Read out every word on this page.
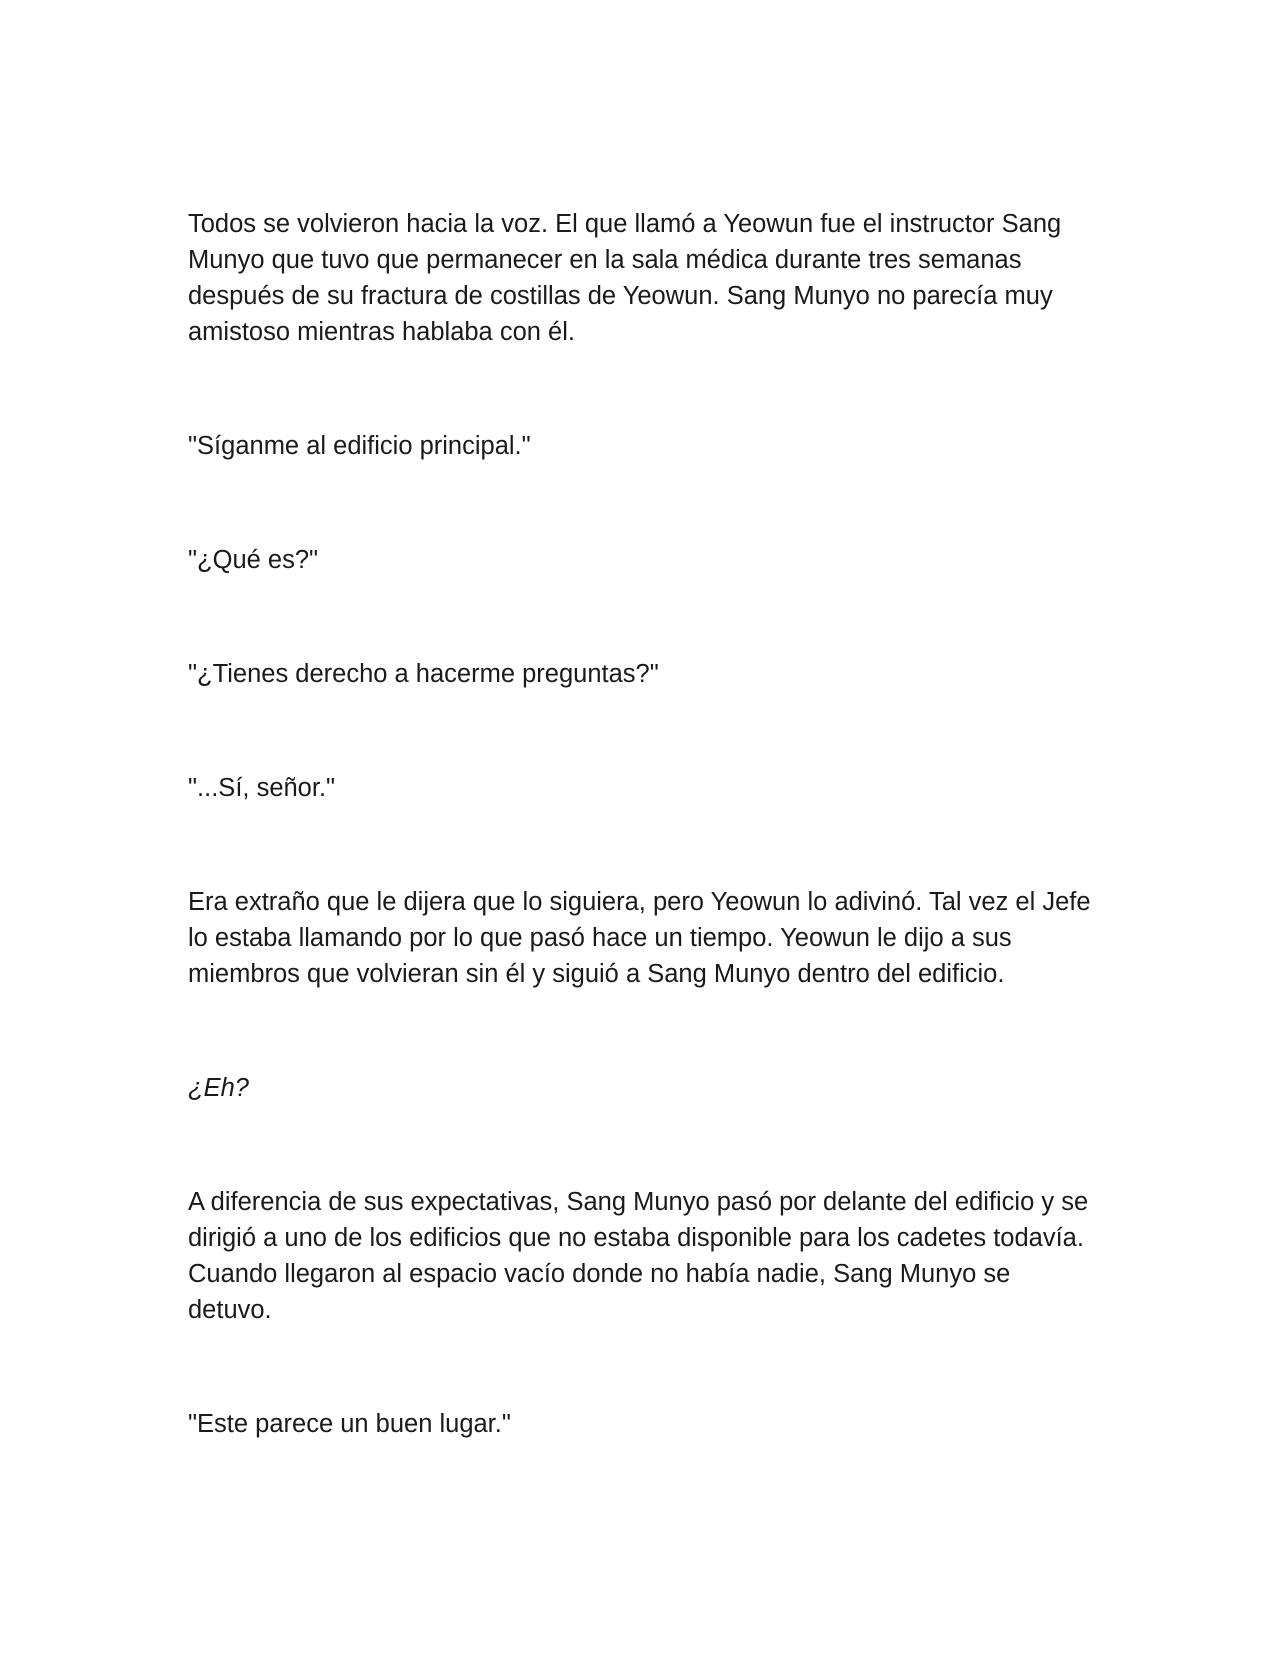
Todos se volvieron hacia la voz. El que llamó a Yeowun fue el instructor Sang Munyo que tuvo que permanecer en la sala médica durante tres semanas después de su fractura de costillas de Yeowun. Sang Munyo no parecía muy amistoso mientras hablaba con él.

"Síganme al edificio principal."

"¿Qué es?"

"¿Tienes derecho a hacerme preguntas?"

"...Sí, señor."

Era extraño que le dijera que lo siguiera, pero Yeowun lo adivinó. Tal vez el Jefe lo estaba llamando por lo que pasó hace un tiempo. Yeowun le dijo a sus miembros que volvieran sin él y siguió a Sang Munyo dentro del edificio.

¿Eh?

A diferencia de sus expectativas, Sang Munyo pasó por delante del edificio y se dirigió a uno de los edificios que no estaba disponible para los cadetes todavía. Cuando llegaron al espacio vacío donde no había nadie, Sang Munyo se detuvo.

"Este parece un buen lugar."
